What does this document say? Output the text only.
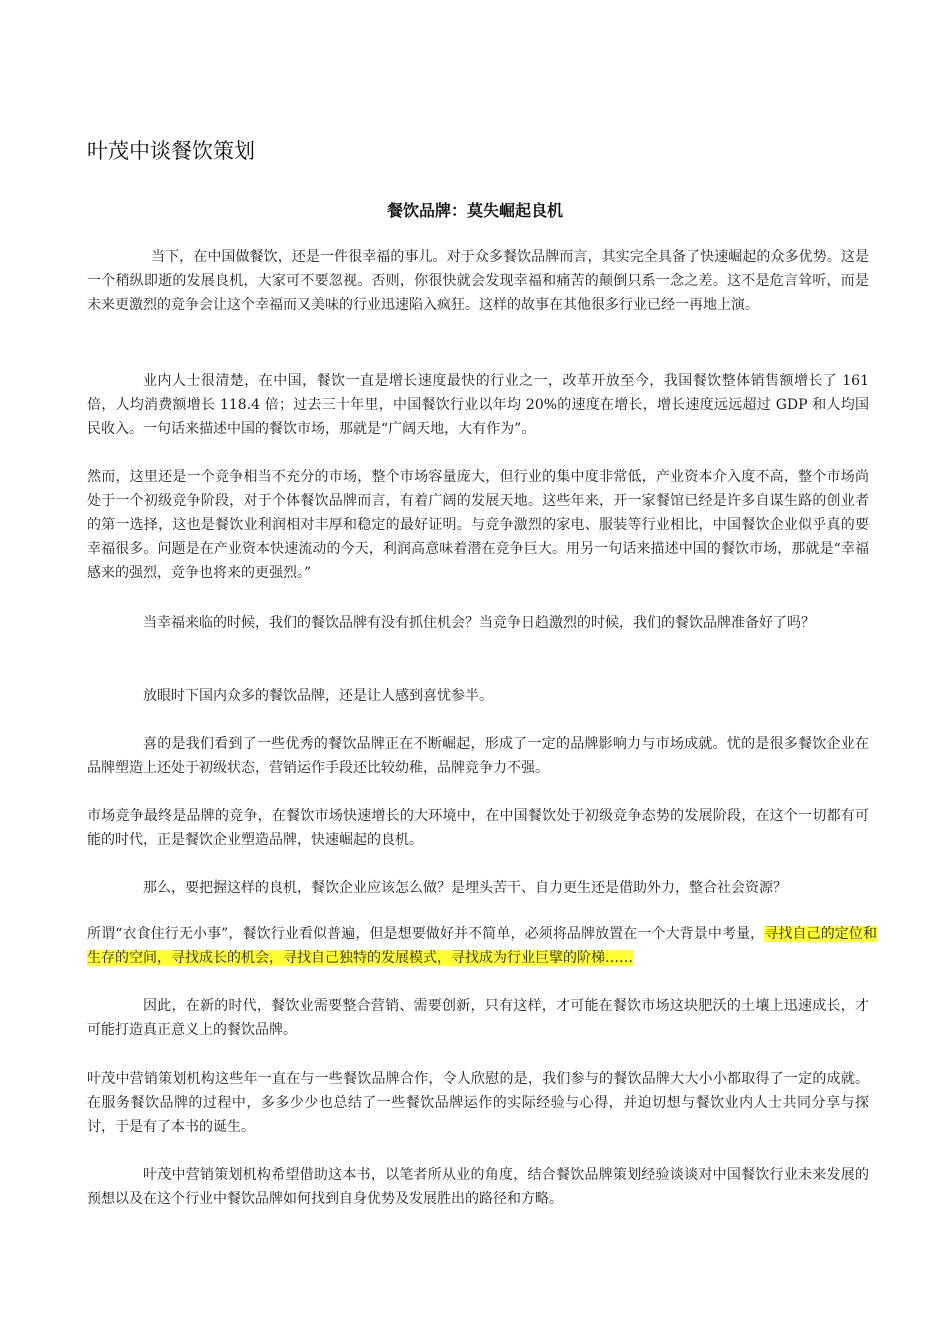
叶茂中谈餐饮策划
餐饮品牌：莫失崛起良机

当下，在中国做餐饮，还是一件很幸福的事儿。对于众多餐饮品牌而言，其实完全具备了快速崛起的众多优势。这是一个稍纵即逝的发展良机，大家可不要忽视。否则，你很快就会发现幸福和痛苦的颠倒只系一念之差。这不是危言耸听，而是未来更激烈的竞争会让这个幸福而又美味的行业迅速陷入疯狂。这样的故事在其他很多行业已经一再地上演。

业内人士很清楚，在中国，餐饮一直是增长速度最快的行业之一，改革开放至今，我国餐饮整体销售额增长了 161 倍，人均消费额增长 118.4 倍；过去三十年里，中国餐饮行业以年均 20%的速度在增长，增长速度远远超过 GDP 和人均国民收入。一句话来描述中国的餐饮市场，那就是“广阔天地，大有作为”。

然而，这里还是一个竞争相当不充分的市场，整个市场容量庞大，但行业的集中度非常低，产业资本介入度不高，整个市场尚处于一个初级竞争阶段，对于个体餐饮品牌而言，有着广阔的发展天地。这些年来，开一家餐馆已经是许多自谋生路的创业者的第一选择，这也是餐饮业利润相对丰厚和稳定的最好证明。与竞争激烈的家电、服装等行业相比，中国餐饮企业似乎真的要幸福很多。问题是在产业资本快速流动的今天，利润高意味着潜在竞争巨大。用另一句话来描述中国的餐饮市场，那就是“幸福感来的强烈，竞争也将来的更强烈。”

当幸福来临的时候，我们的餐饮品牌有没有抓住机会？当竞争日趋激烈的时候，我们的餐饮品牌准备好了吗？

放眼时下国内众多的餐饮品牌，还是让人感到喜忧参半。

喜的是我们看到了一些优秀的餐饮品牌正在不断崛起，形成了一定的品牌影响力与市场成就。忧的是很多餐饮企业在品牌塑造上还处于初级状态，营销运作手段还比较幼稚，品牌竞争力不强。

市场竞争最终是品牌的竞争，在餐饮市场快速增长的大环境中，在中国餐饮处于初级竞争态势的发展阶段，在这个一切都有可能的时代，正是餐饮企业塑造品牌，快速崛起的良机。

那么，要把握这样的良机，餐饮企业应该怎么做？是埋头苦干、自力更生还是借助外力，整合社会资源？

所谓“衣食住行无小事”，餐饮行业看似普遍，但是想要做好并不简单，必须将品牌放置在一个大背景中考量，寻找自己的定位和生存的空间，寻找成长的机会，寻找自己独特的发展模式，寻找成为行业巨擘的阶梯……

因此，在新的时代，餐饮业需要整合营销、需要创新，只有这样，才可能在餐饮市场这块肥沃的土壤上迅速成长，才可能打造真正意义上的餐饮品牌。

叶茂中营销策划机构这些年一直在与一些餐饮品牌合作，令人欣慰的是，我们参与的餐饮品牌大大小小都取得了一定的成就。在服务餐饮品牌的过程中，多多少少也总结了一些餐饮品牌运作的实际经验与心得，并迫切想与餐饮业内人士共同分享与探讨，于是有了本书的诞生。

叶茂中营销策划机构希望借助这本书，以笔者所从业的角度，结合餐饮品牌策划经验谈谈对中国餐饮行业未来发展的预想以及在这个行业中餐饮品牌如何找到自身优势及发展胜出的路径和方略。
